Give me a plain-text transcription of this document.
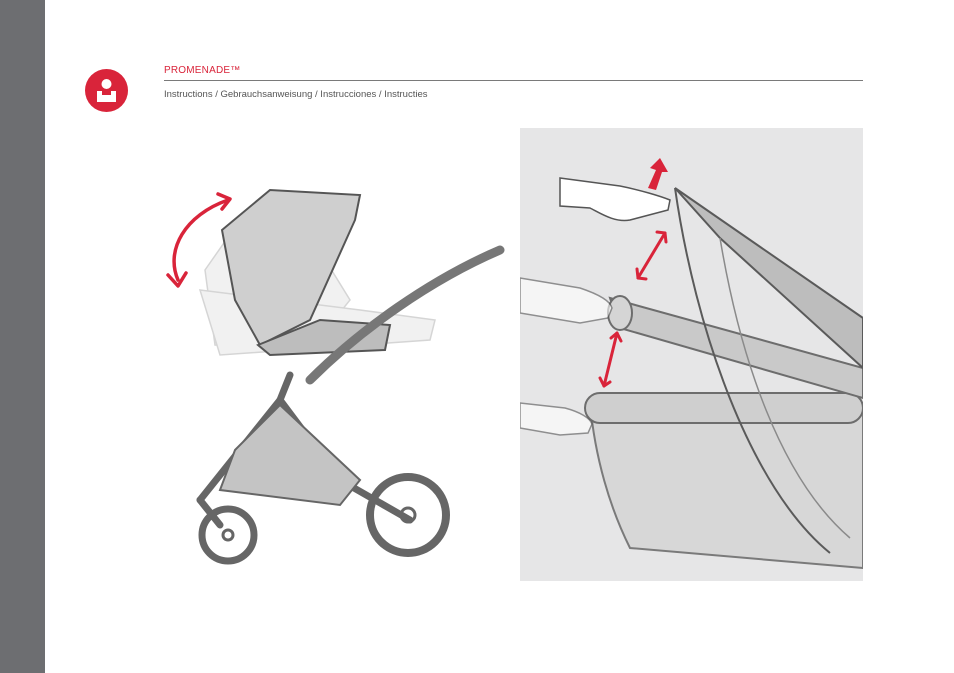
PROMENADE™
Instructions / Gebrauchsanweisung / Instrucciones / Instructies
